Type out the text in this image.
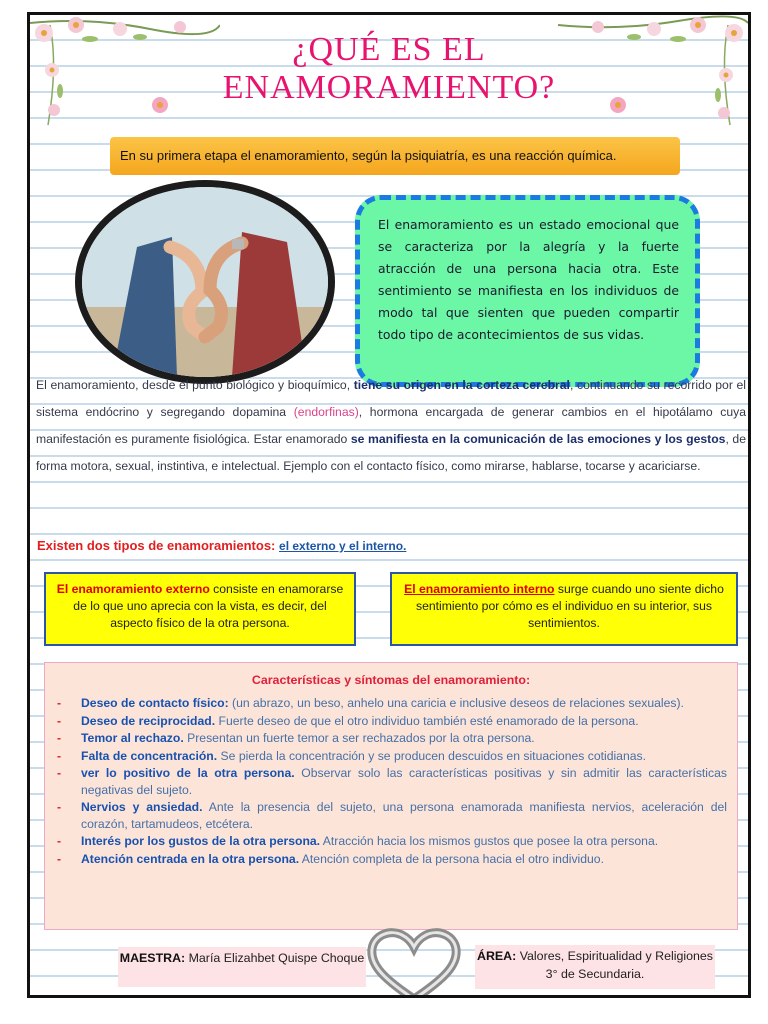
¿QUÉ ES EL
ENAMORAMIENTO?
En su primera etapa el enamoramiento, según la psiquiatría, es una reacción química.
El enamoramiento es un estado emocional que se caracteriza por la alegría y la fuerte atracción de una persona hacia otra. Este sentimiento se manifiesta en los individuos de modo tal que sienten que pueden compartir todo tipo de acontecimientos de sus vidas.
El enamoramiento, desde el punto biológico y bioquímico, tiene su origen en la corteza cerebral, continuando su recorrido por el sistema endócrino y segregando dopamina (endorfinas), hormona encargada de generar cambios en el hipotálamo cuya manifestación es puramente fisiológica. Estar enamorado se manifiesta en la comunicación de las emociones y los gestos, de forma motora, sexual, instintiva, e intelectual. Ejemplo con el contacto físico, como mirarse, hablarse, tocarse y acariciarse.
Existen dos tipos de enamoramientos: el externo y el interno.
El enamoramiento externo consiste en enamorarse de lo que uno aprecia con la vista, es decir, del aspecto físico de la otra persona.
El enamoramiento interno surge cuando uno siente dicho sentimiento por cómo es el individuo en su interior, sus sentimientos.
Características y síntomas del enamoramiento:
- Deseo de contacto físico: (un abrazo, un beso, anhelo una caricia e inclusive deseos de relaciones sexuales).
- Deseo de reciprocidad. Fuerte deseo de que el otro individuo también esté enamorado de la persona.
- Temor al rechazo. Presentan un fuerte temor a ser rechazados por la otra persona.
- Falta de concentración. Se pierda la concentración y se producen descuidos en situaciones cotidianas.
- ver lo positivo de la otra persona. Observar solo las características positivas y sin admitir las características negativas del sujeto.
- Nervios y ansiedad. Ante la presencia del sujeto, una persona enamorada manifiesta nervios, aceleración del corazón, tartamudeos, etcétera.
- Interés por los gustos de la otra persona. Atracción hacia los mismos gustos que posee la otra persona.
- Atención centrada en la otra persona. Atención completa de la persona hacia el otro individuo.
MAESTRA: María Elizahbet Quispe Choque	ÁREA: Valores, Espiritualidad y Religiones 3° de Secundaria.
